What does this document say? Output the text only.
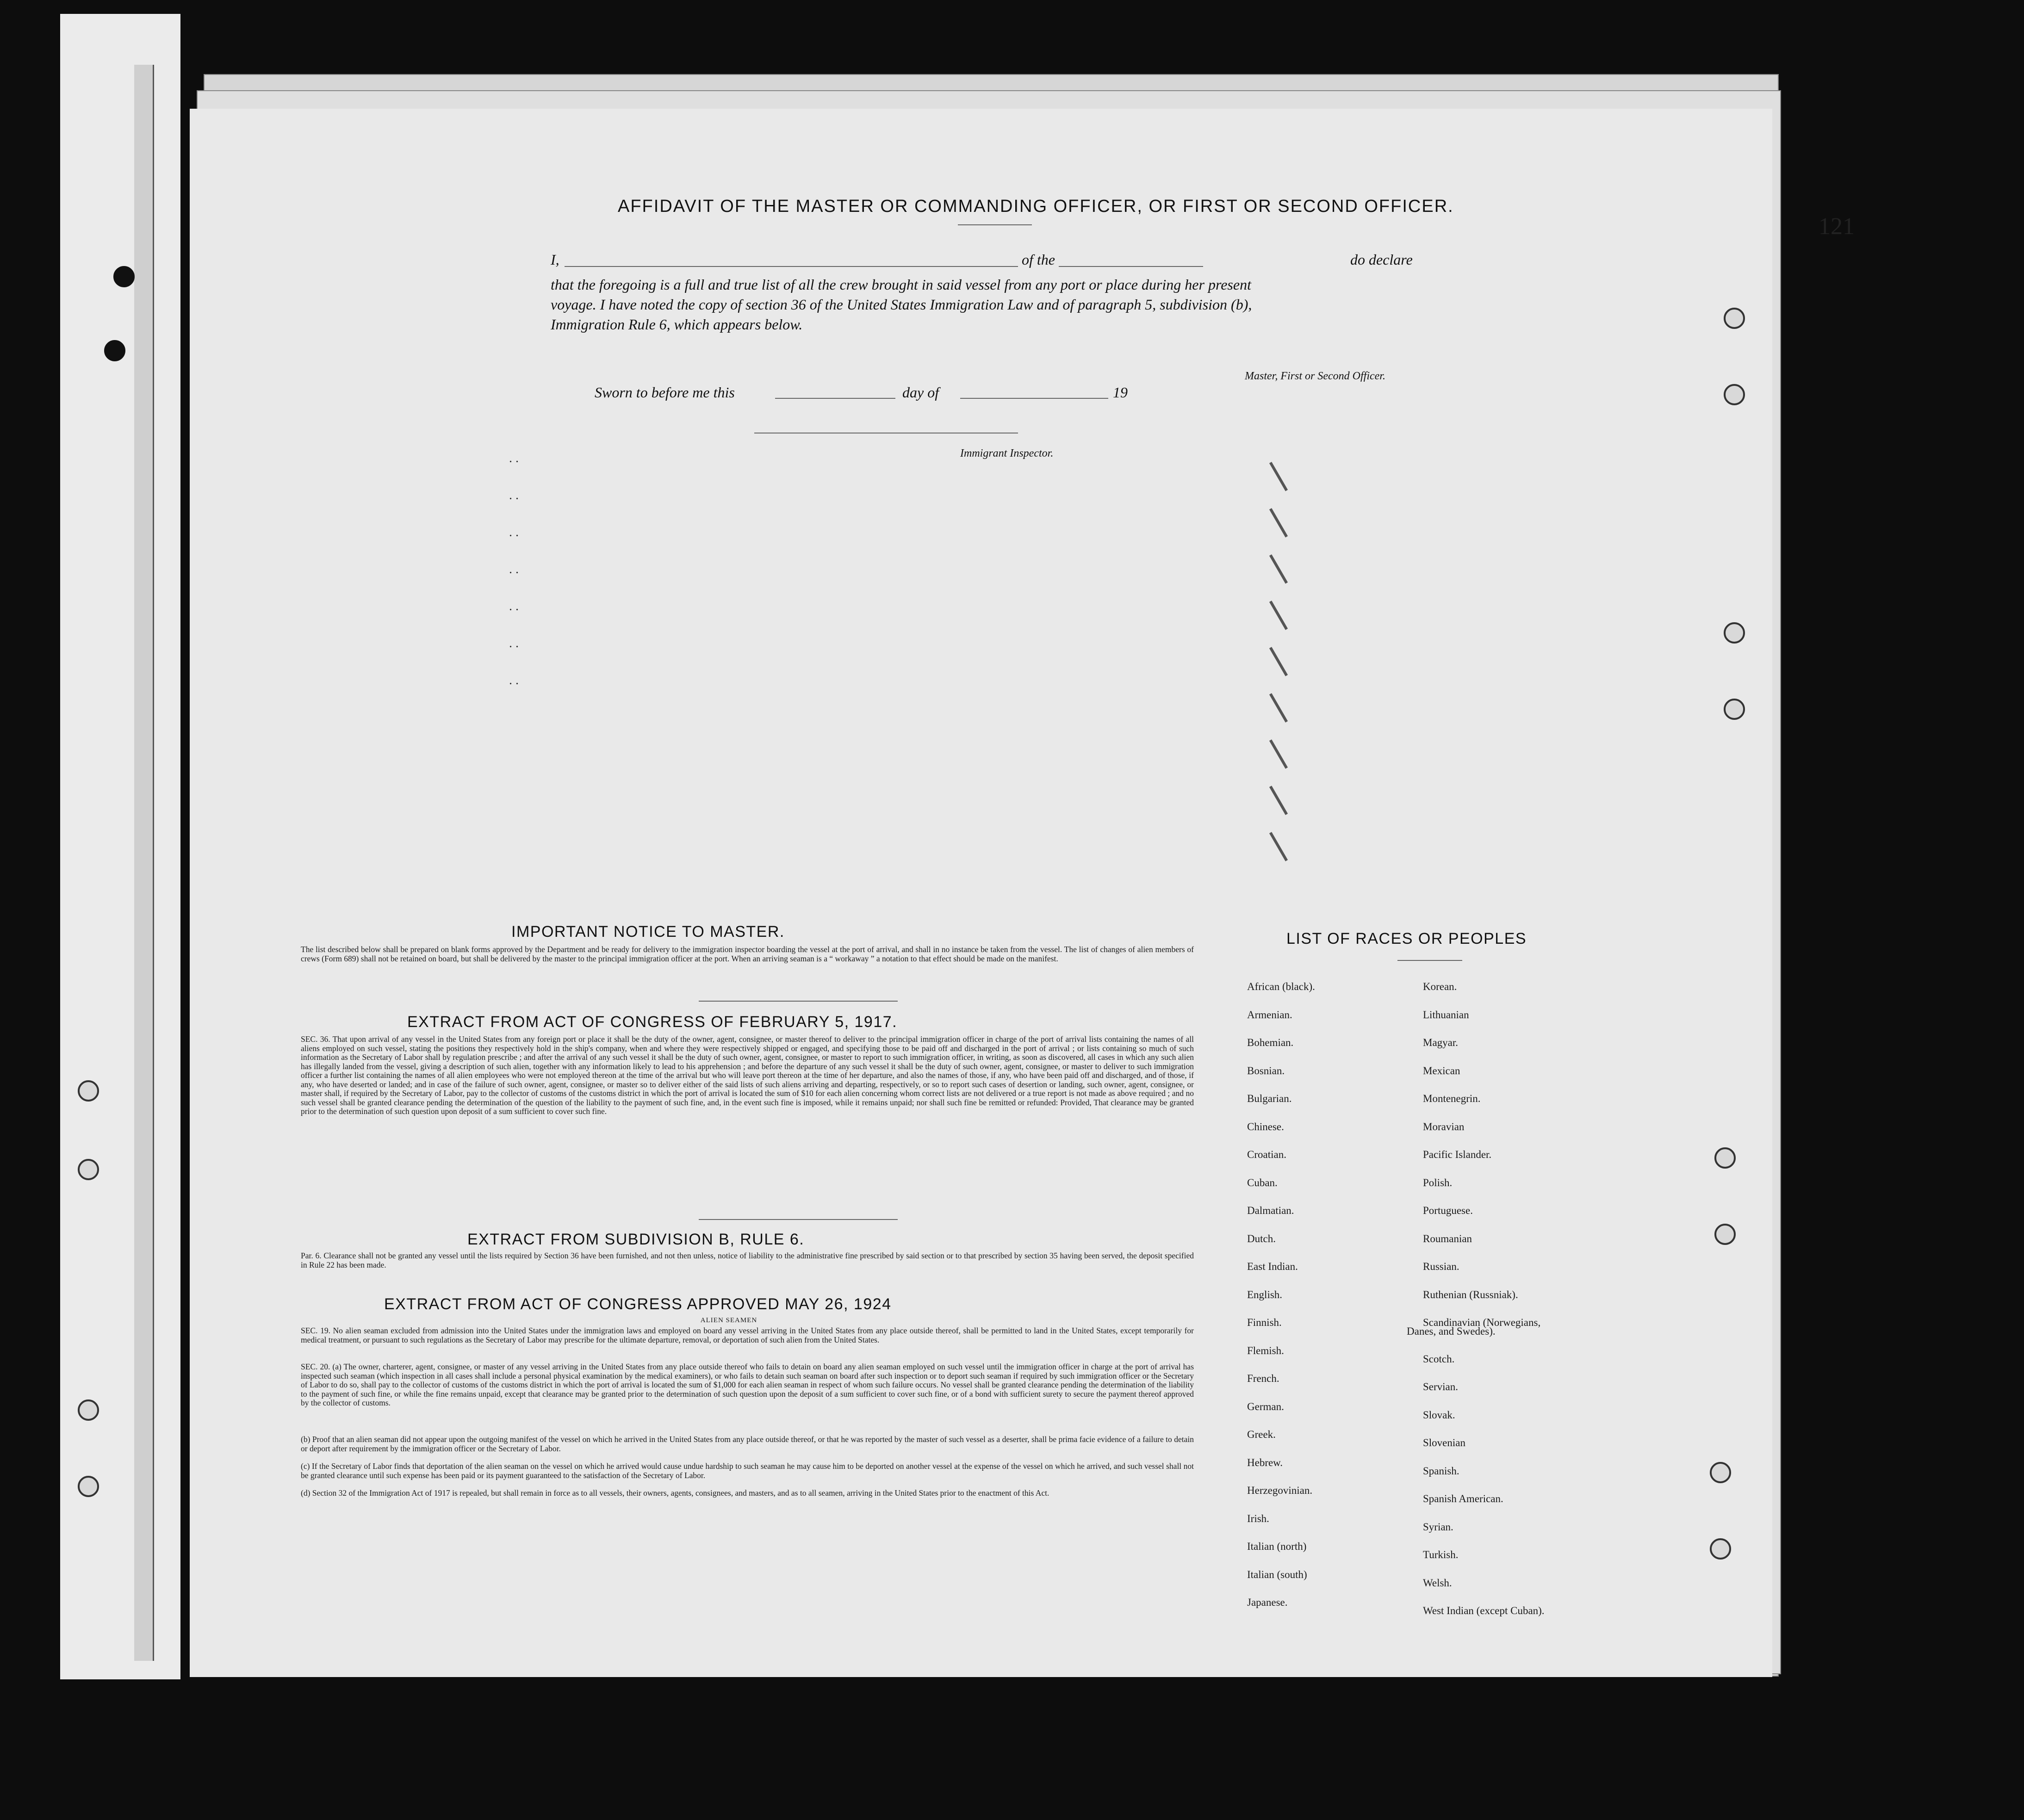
AFFIDAVIT OF THE MASTER OR COMMANDING OFFICER, OR FIRST OR SECOND OFFICER.
I,	of the	do declare
that the foregoing is a full and true list of all the crew brought in said vessel from any port or place during her present
voyage. I have noted the copy of section 36 of the United States Immigration Law and of paragraph 5, subdivision (b),
Immigration Rule 6, which appears below.
Master, First or Second Officer.
Sworn to before me this	day of	19
Immigrant Inspector.
. .
. .
. .
. .
. .
. .
. .
IMPORTANT NOTICE TO MASTER.
The list described below shall be prepared on blank forms approved by the Department and be ready for delivery to the immigration inspector boarding the vessel at the port of arrival, and shall in no instance be taken from the vessel. The list of changes of alien members of crews (Form 689) shall not be retained on board, but shall be delivered by the master to the principal immigration officer at the port. When an arriving seaman is a “ workaway ” a notation to that effect should be made on the manifest.
EXTRACT FROM ACT OF CONGRESS OF FEBRUARY 5, 1917.
SEC. 36. That upon arrival of any vessel in the United States from any foreign port or place it shall be the duty of the owner, agent, consignee, or master thereof to deliver to the principal immigration officer in charge of the port of arrival lists containing the names of all aliens employed on such vessel, stating the positions they respectively hold in the ship's company, when and where they were respectively shipped or engaged, and specifying those to be paid off and discharged in the port of arrival ; or lists containing so much of such information as the Secretary of Labor shall by regulation prescribe ; and after the arrival of any such vessel it shall be the duty of such owner, agent, consignee, or master to report to such immigration officer, in writing, as soon as discovered, all cases in which any such alien has illegally landed from the vessel, giving a description of such alien, together with any information likely to lead to his apprehension ; and before the departure of any such vessel it shall be the duty of such owner, agent, consignee, or master to deliver to such immigration officer a further list containing the names of all alien employees who were not employed thereon at the time of the arrival but who will leave port thereon at the time of her departure, and also the names of those, if any, who have been paid off and discharged, and of those, if any, who have deserted or landed; and in case of the failure of such owner, agent, consignee, or master so to deliver either of the said lists of such aliens arriving and departing, respectively, or so to report such cases of desertion or landing, such owner, agent, consignee, or master shall, if required by the Secretary of Labor, pay to the collector of customs of the customs district in which the port of arrival is located the sum of $10 for each alien concerning whom correct lists are not delivered or a true report is not made as above required ; and no such vessel shall be granted clearance pending the determination of the question of the liability to the payment of such fine, and, in the event such fine is imposed, while it remains unpaid; nor shall such fine be remitted or refunded: Provided, That clearance may be granted prior to the determination of such question upon deposit of a sum sufficient to cover such fine.
EXTRACT FROM SUBDIVISION B, RULE 6.
Par. 6. Clearance shall not be granted any vessel until the lists required by Section 36 have been furnished, and not then unless, notice of liability to the administrative fine prescribed by said section or to that prescribed by section 35 having been served, the deposit specified in Rule 22 has been made.
EXTRACT FROM ACT OF CONGRESS APPROVED MAY 26, 1924
ALIEN SEAMEN
SEC. 19. No alien seaman excluded from admission into the United States under the immigration laws and employed on board any vessel arriving in the United States from any place outside thereof, shall be permitted to land in the United States, except temporarily for medical treatment, or pursuant to such regulations as the Secretary of Labor may prescribe for the ultimate departure, removal, or deportation of such alien from the United States.
SEC. 20. (a) The owner, charterer, agent, consignee, or master of any vessel arriving in the United States from any place outside thereof who fails to detain on board any alien seaman employed on such vessel until the immigration officer in charge at the port of arrival has inspected such seaman (which inspection in all cases shall include a personal physical examination by the medical examiners), or who fails to detain such seaman on board after such inspection or to deport such seaman if required by such immigration officer or the Secretary of Labor to do so, shall pay to the collector of customs of the customs district in which the port of arrival is located the sum of $1,000 for each alien seaman in respect of whom such failure occurs. No vessel shall be granted clearance pending the determination of the liability to the payment of such fine, or while the fine remains unpaid, except that clearance may be granted prior to the determination of such question upon the deposit of a sum sufficient to cover such fine, or of a bond with sufficient surety to secure the payment thereof approved by the collector of customs.
(b) Proof that an alien seaman did not appear upon the outgoing manifest of the vessel on which he arrived in the United States from any place outside thereof, or that he was reported by the master of such vessel as a deserter, shall be prima facie evidence of a failure to detain or deport after requirement by the immigration officer or the Secretary of Labor.
(c) If the Secretary of Labor finds that deportation of the alien seaman on the vessel on which he arrived would cause undue hardship to such seaman he may cause him to be deported on another vessel at the expense of the vessel on which he arrived, and such vessel shall not be granted clearance until such expense has been paid or its payment guaranteed to the satisfaction of the Secretary of Labor.
(d) Section 32 of the Immigration Act of 1917 is repealed, but shall remain in force as to all vessels, their owners, agents, consignees, and masters, and as to all seamen, arriving in the United States prior to the enactment of this Act.
LIST OF RACES OR PEOPLES
Danes, and Swedes).
African (black).
Armenian.
Bohemian.
Bosnian.
Bulgarian.
Chinese.
Croatian.
Cuban.
Dalmatian.
Dutch.
East Indian.
English.
Finnish.
Flemish.
French.
German.
Greek.
Hebrew.
Herzegovinian.
Irish.
Italian (north)
Italian (south)
Japanese.
Korean.
Lithuanian
Magyar.
Mexican
Montenegrin.
Moravian
Pacific Islander.
Polish.
Portuguese.
Roumanian
Russian.
Ruthenian (Russniak).
Scandinavian (Norwegians,
Scotch.
Servian.
Slovak.
Slovenian
Spanish.
Spanish American.
Syrian.
Turkish.
Welsh.
West Indian (except Cuban).
121
